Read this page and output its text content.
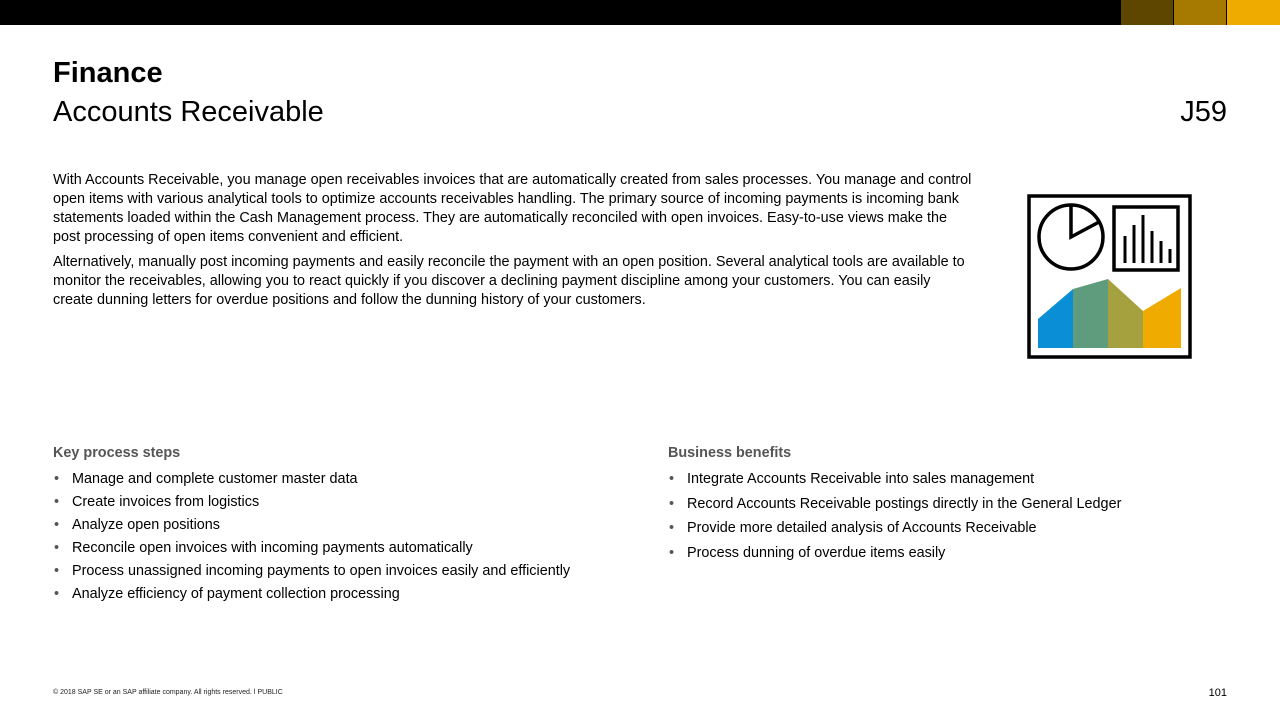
Finance
Accounts Receivable	J59

With Accounts Receivable, you manage open receivables invoices that are automatically created from sales processes. You manage and control open items with various analytical tools to optimize accounts receivables handling. The primary source of incoming payments is incoming bank statements loaded within the Cash Management process. They are automatically reconciled with open invoices. Easy-to-use views make the post processing of open items convenient and efficient.

Alternatively, manually post incoming payments and easily reconcile the payment with an open position. Several analytical tools are available to monitor the receivables, allowing you to react quickly if you discover a declining payment discipline among your customers. You can easily create dunning letters for overdue positions and follow the dunning history of your customers.

Key process steps
• Manage and complete customer master data
• Create invoices from logistics
• Analyze open positions
• Reconcile open invoices with incoming payments automatically
• Process unassigned incoming payments to open invoices easily and efficiently
• Analyze efficiency of payment collection processing
Business benefits
• Integrate Accounts Receivable into sales management
• Record Accounts Receivable postings directly in the General Ledger
• Provide more detailed analysis of Accounts Receivable
• Process dunning of overdue items easily
© 2018 SAP SE or an SAP affiliate company. All rights reserved. ǀ PUBLIC	101
